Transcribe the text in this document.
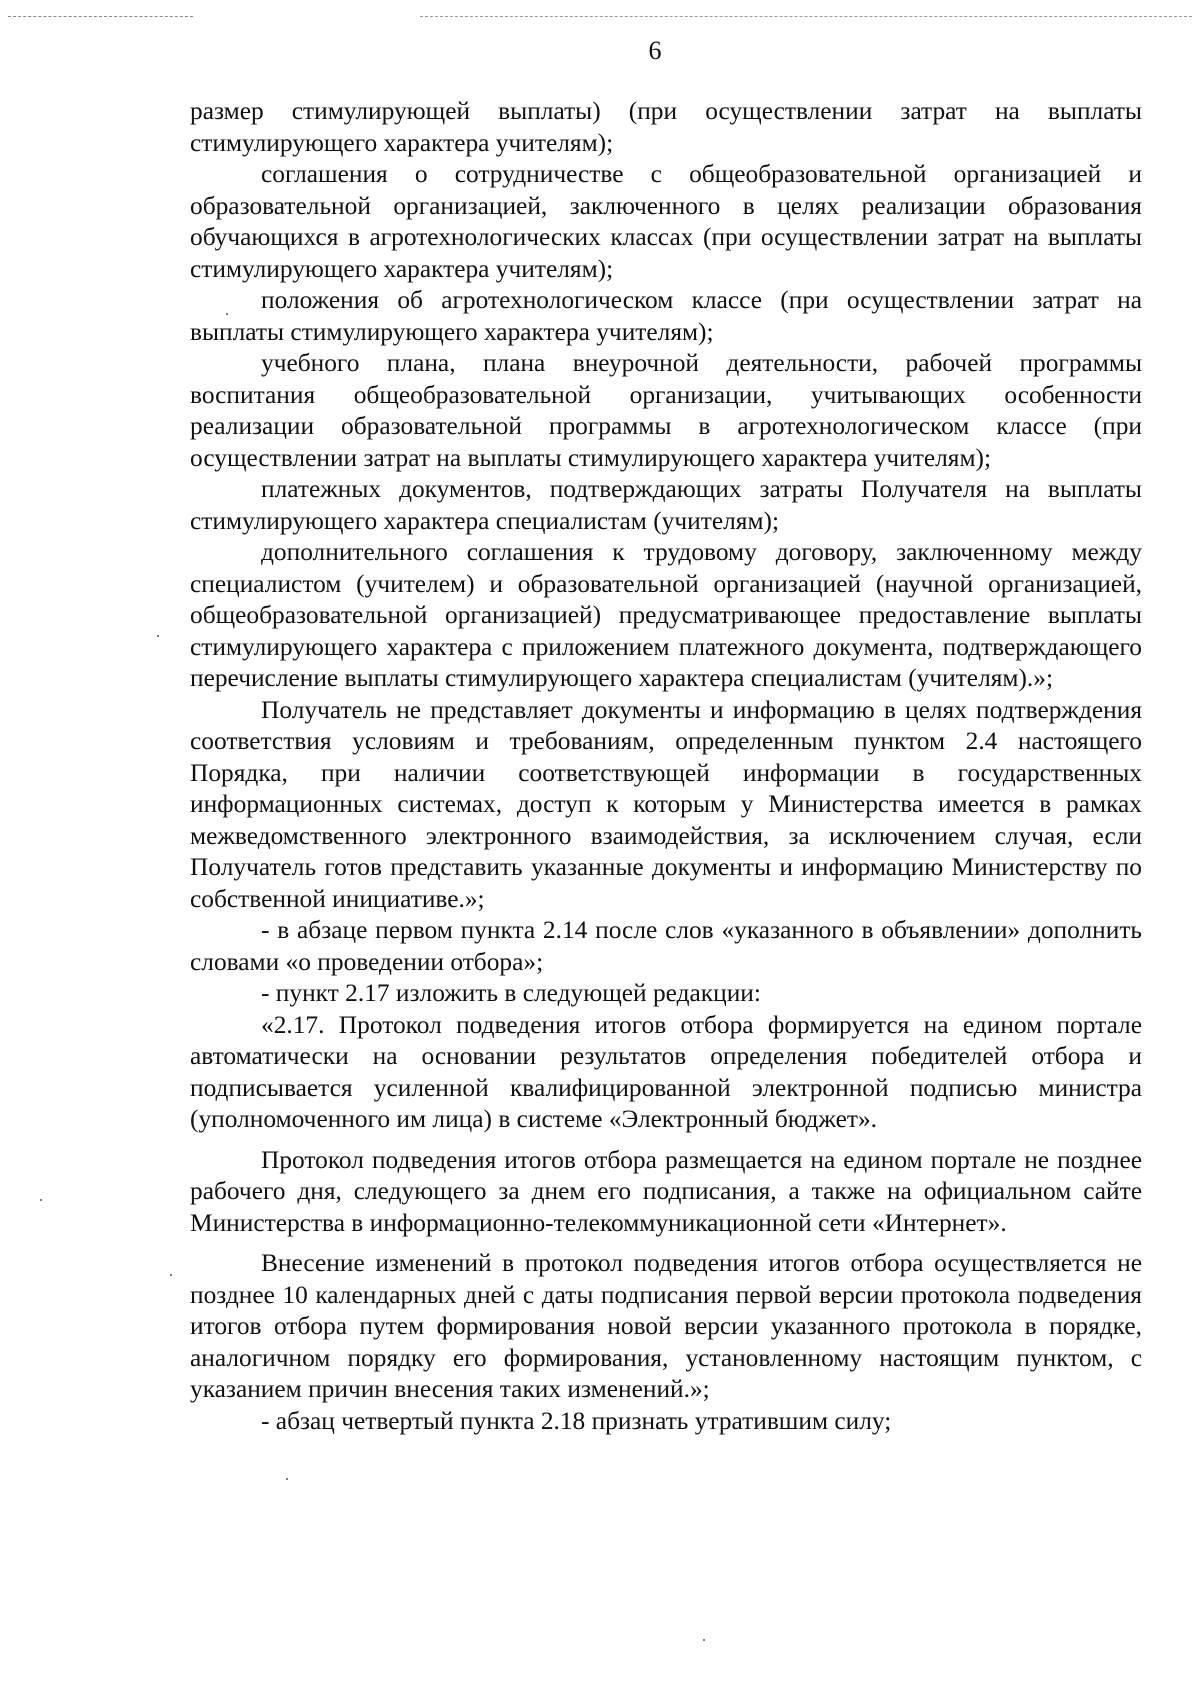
6

размер стимулирующей выплаты) (при осуществлении затрат на выплаты стимулирующего характера учителям);

соглашения о сотрудничестве с общеобразовательной организацией и образовательной организацией, заключенного в целях реализации образования обучающихся в агротехнологических классах (при осуществлении затрат на выплаты стимулирующего характера учителям);

положения об агротехнологическом классе (при осуществлении затрат на выплаты стимулирующего характера учителям);

учебного плана, плана внеурочной деятельности, рабочей программы воспитания общеобразовательной организации, учитывающих особенности реализации образовательной программы в агротехнологическом классе (при осуществлении затрат на выплаты стимулирующего характера учителям);

платежных документов, подтверждающих затраты Получателя на выплаты стимулирующего характера специалистам (учителям);

дополнительного соглашения к трудовому договору, заключенному между специалистом (учителем) и образовательной организацией (научной организацией, общеобразовательной организацией) предусматривающее предоставление выплаты стимулирующего характера с приложением платежного документа, подтверждающего перечисление выплаты стимулирующего характера специалистам (учителям).»;

Получатель не представляет документы и информацию в целях подтверждения соответствия условиям и требованиям, определенным пунктом 2.4 настоящего Порядка, при наличии соответствующей информации в государственных информационных системах, доступ к которым у Министерства имеется в рамках межведомственного электронного взаимодействия, за исключением случая, если Получатель готов представить указанные документы и информацию Министерству по собственной инициативе.»;

- в абзаце первом пункта 2.14 после слов «указанного в объявлении» дополнить словами «о проведении отбора»;

- пункт 2.17 изложить в следующей редакции:

«2.17. Протокол подведения итогов отбора формируется на едином портале автоматически на основании результатов определения победителей отбора и подписывается усиленной квалифицированной электронной подписью министра (уполномоченного им лица) в системе «Электронный бюджет».

Протокол подведения итогов отбора размещается на едином портале не позднее рабочего дня, следующего за днем его подписания, а также на официальном сайте Министерства в информационно-телекоммуникационной сети «Интернет».

Внесение изменений в протокол подведения итогов отбора осуществляется не позднее 10 календарных дней с даты подписания первой версии протокола подведения итогов отбора путем формирования новой версии указанного протокола в порядке, аналогичном порядку его формирования, установленному настоящим пунктом, с указанием причин внесения таких изменений.»;

- абзац четвертый пункта 2.18 признать утратившим силу;
